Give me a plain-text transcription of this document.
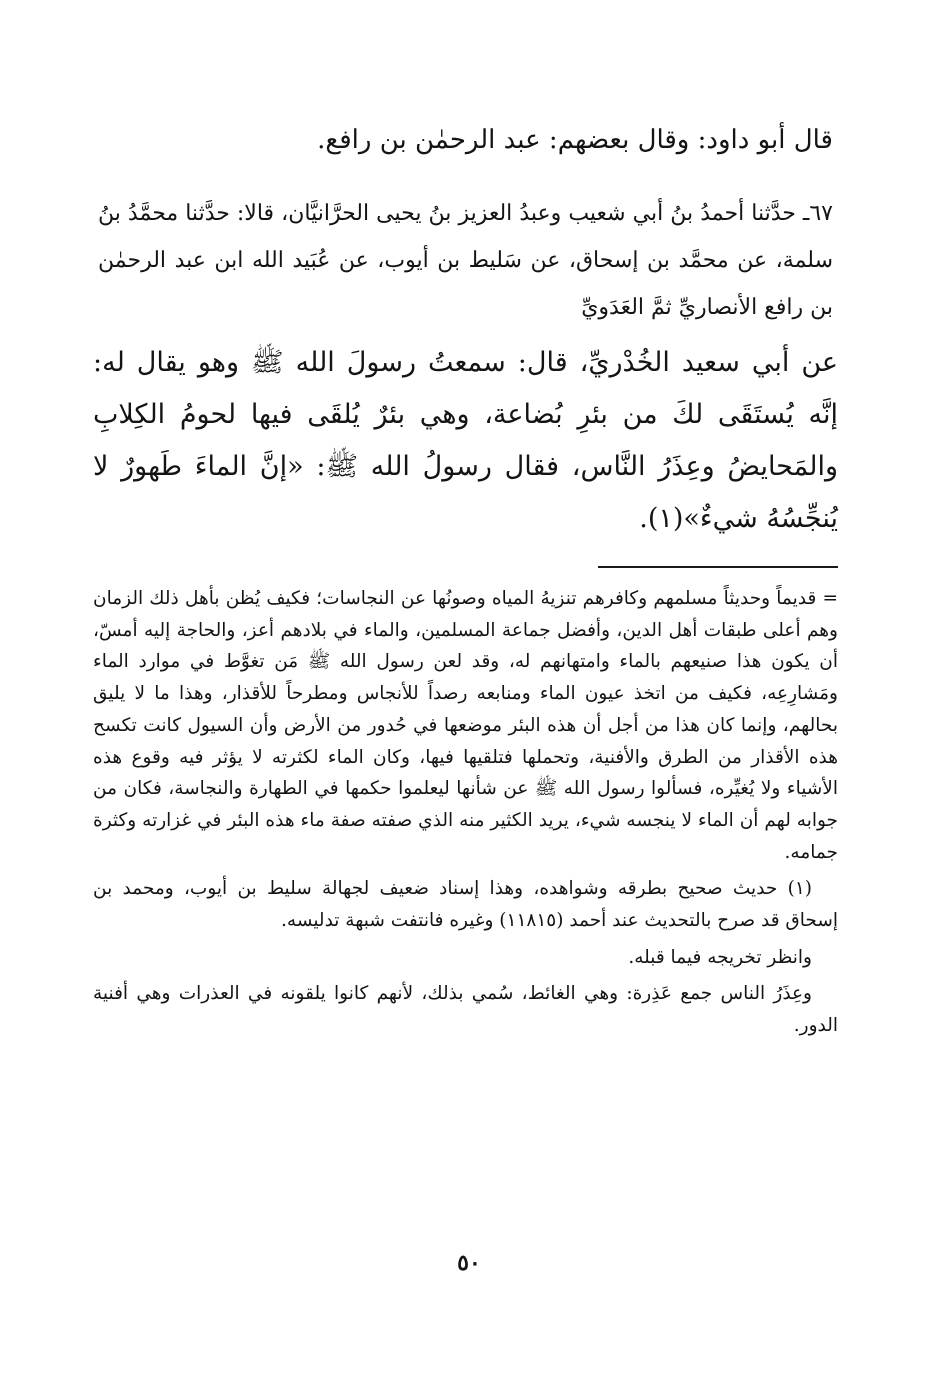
قال أبو داود: وقال بعضهم: عبد الرحمٰن بن رافع.
٦٧ـ حدَّثنا أحمدُ بنُ أبي شعيب وعبدُ العزيز بنُ يحيى الحرَّانيَّان، قالا: حدَّثنا محمَّدُ بنُ سلمة، عن محمَّد بن إسحاق، عن سَليط بن أيوب، عن عُبَيد الله ابن عبد الرحمٰن بن رافع الأنصاريِّ ثمَّ العَدَويِّ
عن أبي سعيد الخُدْريِّ، قال: سمعتُ رسولَ الله ﷺ وهو يقال له: إنَّه يُستَقَى لكَ من بئرِ بُضاعة، وهي بئرٌ يُلقَى فيها لحومُ الكِلابِ والمَحايضُ وعِذَرُ النَّاس، فقال رسولُ الله ﷺ: «إنَّ الماءَ طَهورٌ لا يُنجِّسُهُ شيءٌ»(١).

= قديماً وحديثاً مسلمهم وكافرهم تنزيهُ المياه وصونُها عن النجاسات؛ فكيف يُظن بأهل ذلك الزمان وهم أعلى طبقات أهل الدين، وأفضل جماعة المسلمين، والماء في بلادهم أعز، والحاجة إليه أمسّ، أن يكون هذا صنيعهم بالماء وامتهانهم له، وقد لعن رسول الله ﷺ مَن تغوَّط في موارد الماء ومَشارِعِه، فكيف من اتخذ عيون الماء ومنابعه رصداً للأنجاس ومطرحاً للأقذار، وهذا ما لا يليق بحالهم، وإنما كان هذا من أجل أن هذه البئر موضعها في حُدور من الأرض وأن السيول كانت تكسح هذه الأقذار من الطرق والأفنية، وتحملها فتلقيها فيها، وكان الماء لكثرته لا يؤثر فيه وقوع هذه الأشياء ولا يُغيِّره، فسألوا رسول الله ﷺ عن شأنها ليعلموا حكمها في الطهارة والنجاسة، فكان من جوابه لهم أن الماء لا ينجسه شيء، يريد الكثير منه الذي صفته صفة ماء هذه البئر في غزارته وكثرة جمامه.

(١) حديث صحيح بطرقه وشواهده، وهذا إسناد ضعيف لجهالة سليط بن أيوب، ومحمد بن إسحاق قد صرح بالتحديث عند أحمد (١١٨١٥) وغيره فانتفت شبهة تدليسه.

وانظر تخريجه فيما قبله.

وعِذَرُ الناس جمع عَذِرة: وهي الغائط، سُمي بذلك، لأنهم كانوا يلقونه في العذرات وهي أفنية الدور.

٥٠
